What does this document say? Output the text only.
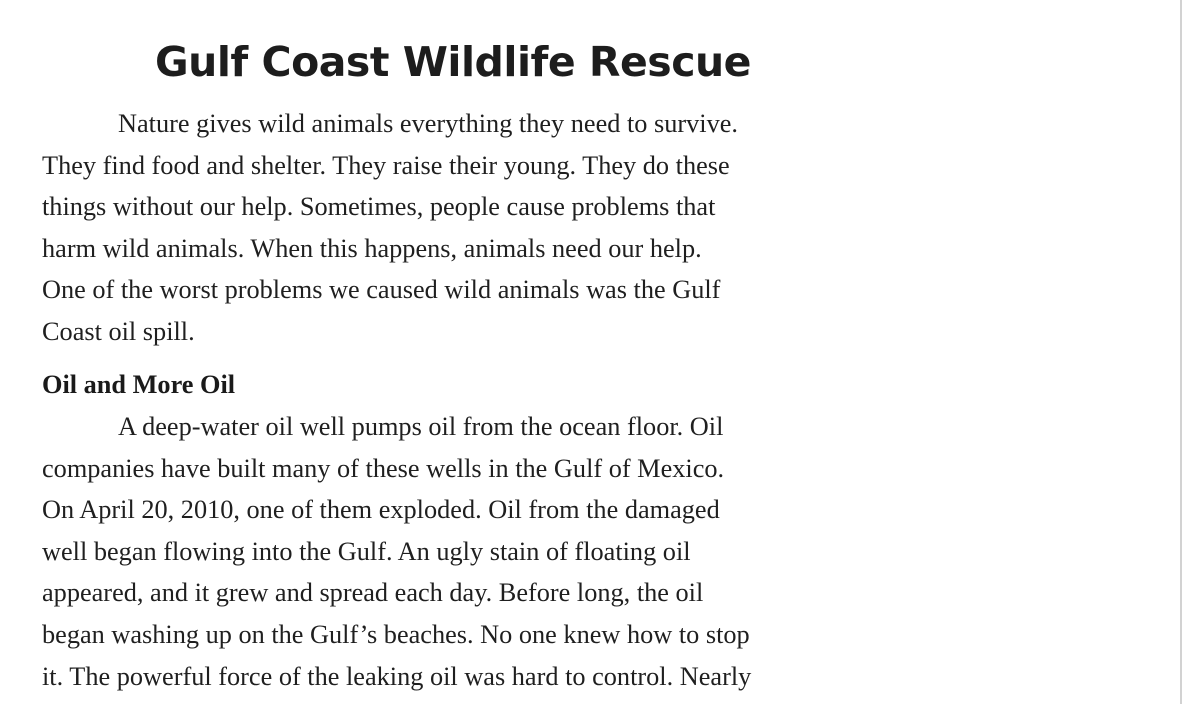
Gulf Coast Wildlife Rescue
Nature gives wild animals everything they need to survive.
They find food and shelter. They raise their young. They do these
things without our help. Sometimes, people cause problems that
harm wild animals. When this happens, animals need our help.
One of the worst problems we caused wild animals was the Gulf
Coast oil spill.
Oil and More Oil
A deep-water oil well pumps oil from the ocean floor. Oil
companies have built many of these wells in the Gulf of Mexico.
On April 20, 2010, one of them exploded. Oil from the damaged
well began flowing into the Gulf. An ugly stain of floating oil
appeared, and it grew and spread each day. Before long, the oil
began washing up on the Gulf’s beaches. No one knew how to stop
it. The powerful force of the leaking oil was hard to control. Nearly
